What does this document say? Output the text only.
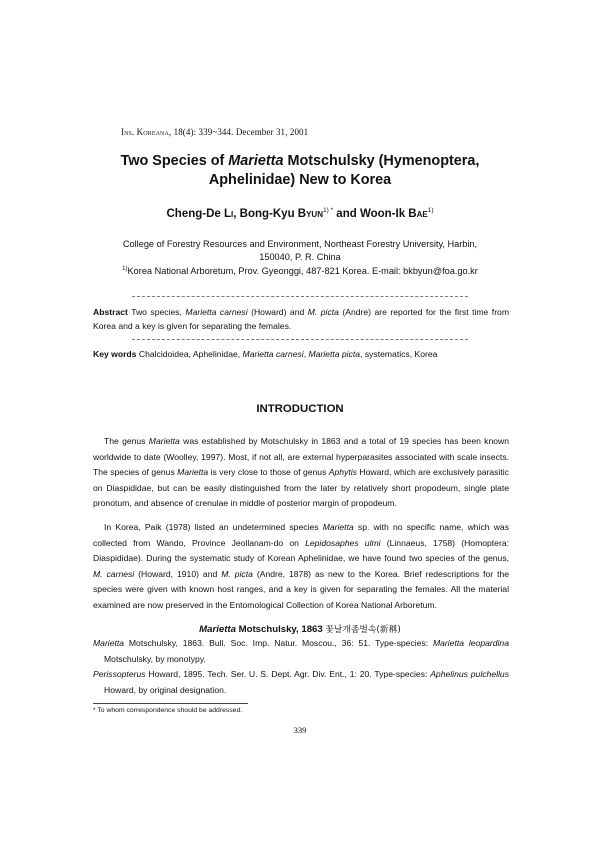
Ins. Koreana, 18(4): 339~344. December 31, 2001
Two Species of Marietta Motschulsky (Hymenoptera,
Aphelinidae) New to Korea
Cheng-De Li, Bong-Kyu Byun$^{1) *}$ and Woon-Ik Bae$^{1)}$
College of Forestry Resources and Environment, Northeast Forestry University, Harbin,
150040, P. R. China
$^{1)}$Korea National Arboretum, Prov. Gyeonggi, 487-821 Korea. E-mail: bkbyun@foa.go.kr
Abstract Two species, Marietta carnesi (Howard) and M. picta (Andre) are reported for the first time from Korea and a key is given for separating the females.
Key words Chalcidoidea, Aphelinidae, Marietta carnesi, Marietta picta, systematics, Korea
INTRODUCTION
The genus Marietta was established by Motschulsky in 1863 and a total of 19 species has been known worldwide to date (Woolley, 1997). Most, if not all, are external hyperparasites associated with scale insects. The species of genus Marietta is very close to those of genus Aphytis Howard, which are exclusively parasitic on Diaspididae, but can be easily distinguished from the later by relatively short propodeum, single plate pronotum, and absence of crenulae in middle of posterior margin of propodeum.
In Korea, Paik (1978) listed an undetermined species Marietta sp. with no specific name, which was collected from Wando, Province Jeollanam-do on Lepidosaphes ulmi (Linnaeus, 1758) (Homoptera: Diaspididae). During the systematic study of Korean Aphelinidae, we have found two species of the genus, M. carnesi (Howard, 1910) and M. picta (Andre, 1878) as new to the Korea. Brief redescriptions for the species were given with known host ranges, and a key is given for separating the females. All the material examined are now preserved in the Entomological Collection of Korea National Arboretum.
Marietta Motschulsky, 1863 꽃날개좀벌속(新稱)
Marietta Motschulsky, 1863. Bull. Soc. Imp. Natur. Moscou., 36: 51. Type-species: Marietta leopardina Motschulsky, by monotypy.
Perissopterus Howard, 1895. Tech. Ser. U. S. Dept. Agr. Div. Ent., 1: 20. Type-species: Aphelinus pulchellus Howard, by original designation.
* To whom correspondence should be addressed.
339
